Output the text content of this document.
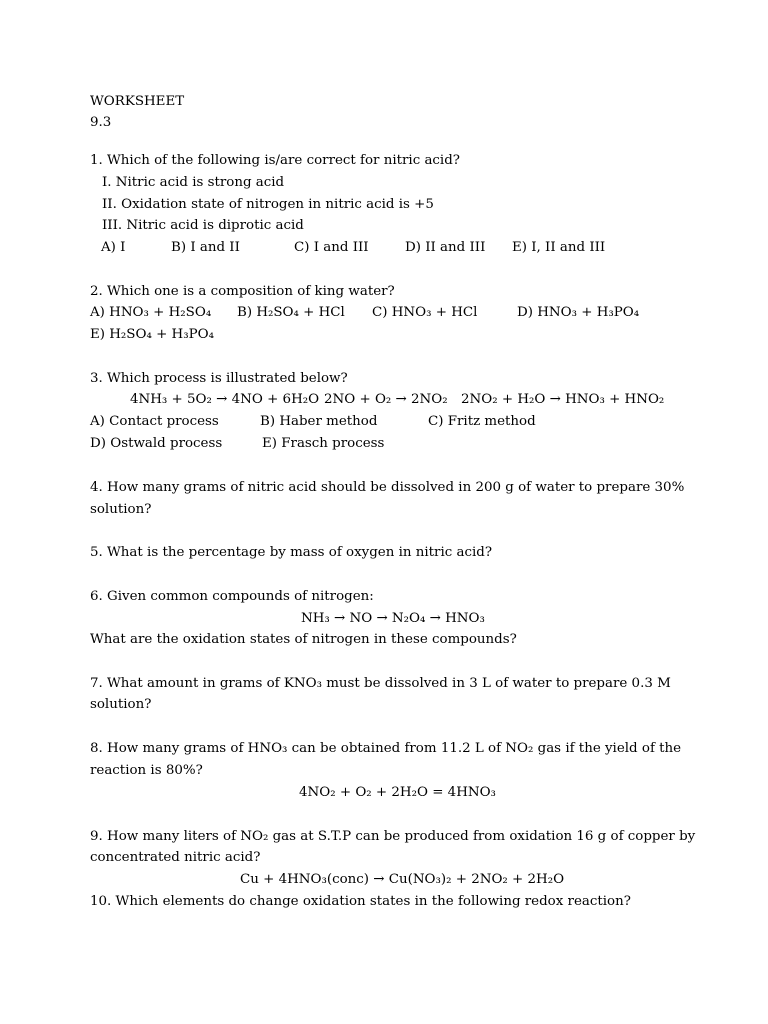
WORKSHEET
9.3
1. Which of the following is/are correct for nitric acid?
I. Nitric acid is strong acid
II. Oxidation state of nitrogen in nitric acid is +5
III. Nitric acid is diprotic acid
A) I	B) I and II	C) I and III	D) II and III E) I, II and III
2. Which one is a composition of king water?
A) HNO₃ + H₂SO₄ B) H₂SO₄ + HCl C) HNO₃ + HCl	D) HNO₃ + H₃PO₄
E) H₂SO₄ + H₃PO₄
3. Which process is illustrated below?
4NH₃ + 5O₂ → 4NO + 6H₂O 2NO + O₂ → 2NO₂ 2NO₂ + H₂O → HNO₃ + HNO₂
A) Contact process	B) Haber method	C) Fritz method
D) Ostwald process	E) Frasch process
4. How many grams of nitric acid should be dissolved in 200 g of water to prepare 30%
solution?
5. What is the percentage by mass of oxygen in nitric acid?
6. Given common compounds of nitrogen:
NH₃ → NO → N₂O₄ → HNO₃
What are the oxidation states of nitrogen in these compounds?
7. What amount in grams of KNO₃ must be dissolved in 3 L of water to prepare 0.3 M
solution?
8. How many grams of HNO₃ can be obtained from 11.2 L of NO₂ gas if the yield of the
reaction is 80%?
4NO₂ + O₂ + 2H₂O = 4HNO₃
9. How many liters of NO₂ gas at S.T.P can be produced from oxidation 16 g of copper by
concentrated nitric acid?
Cu + 4HNO₃(conc) → Cu(NO₃)₂ + 2NO₂ + 2H₂O
10. Which elements do change oxidation states in the following redox reaction?
